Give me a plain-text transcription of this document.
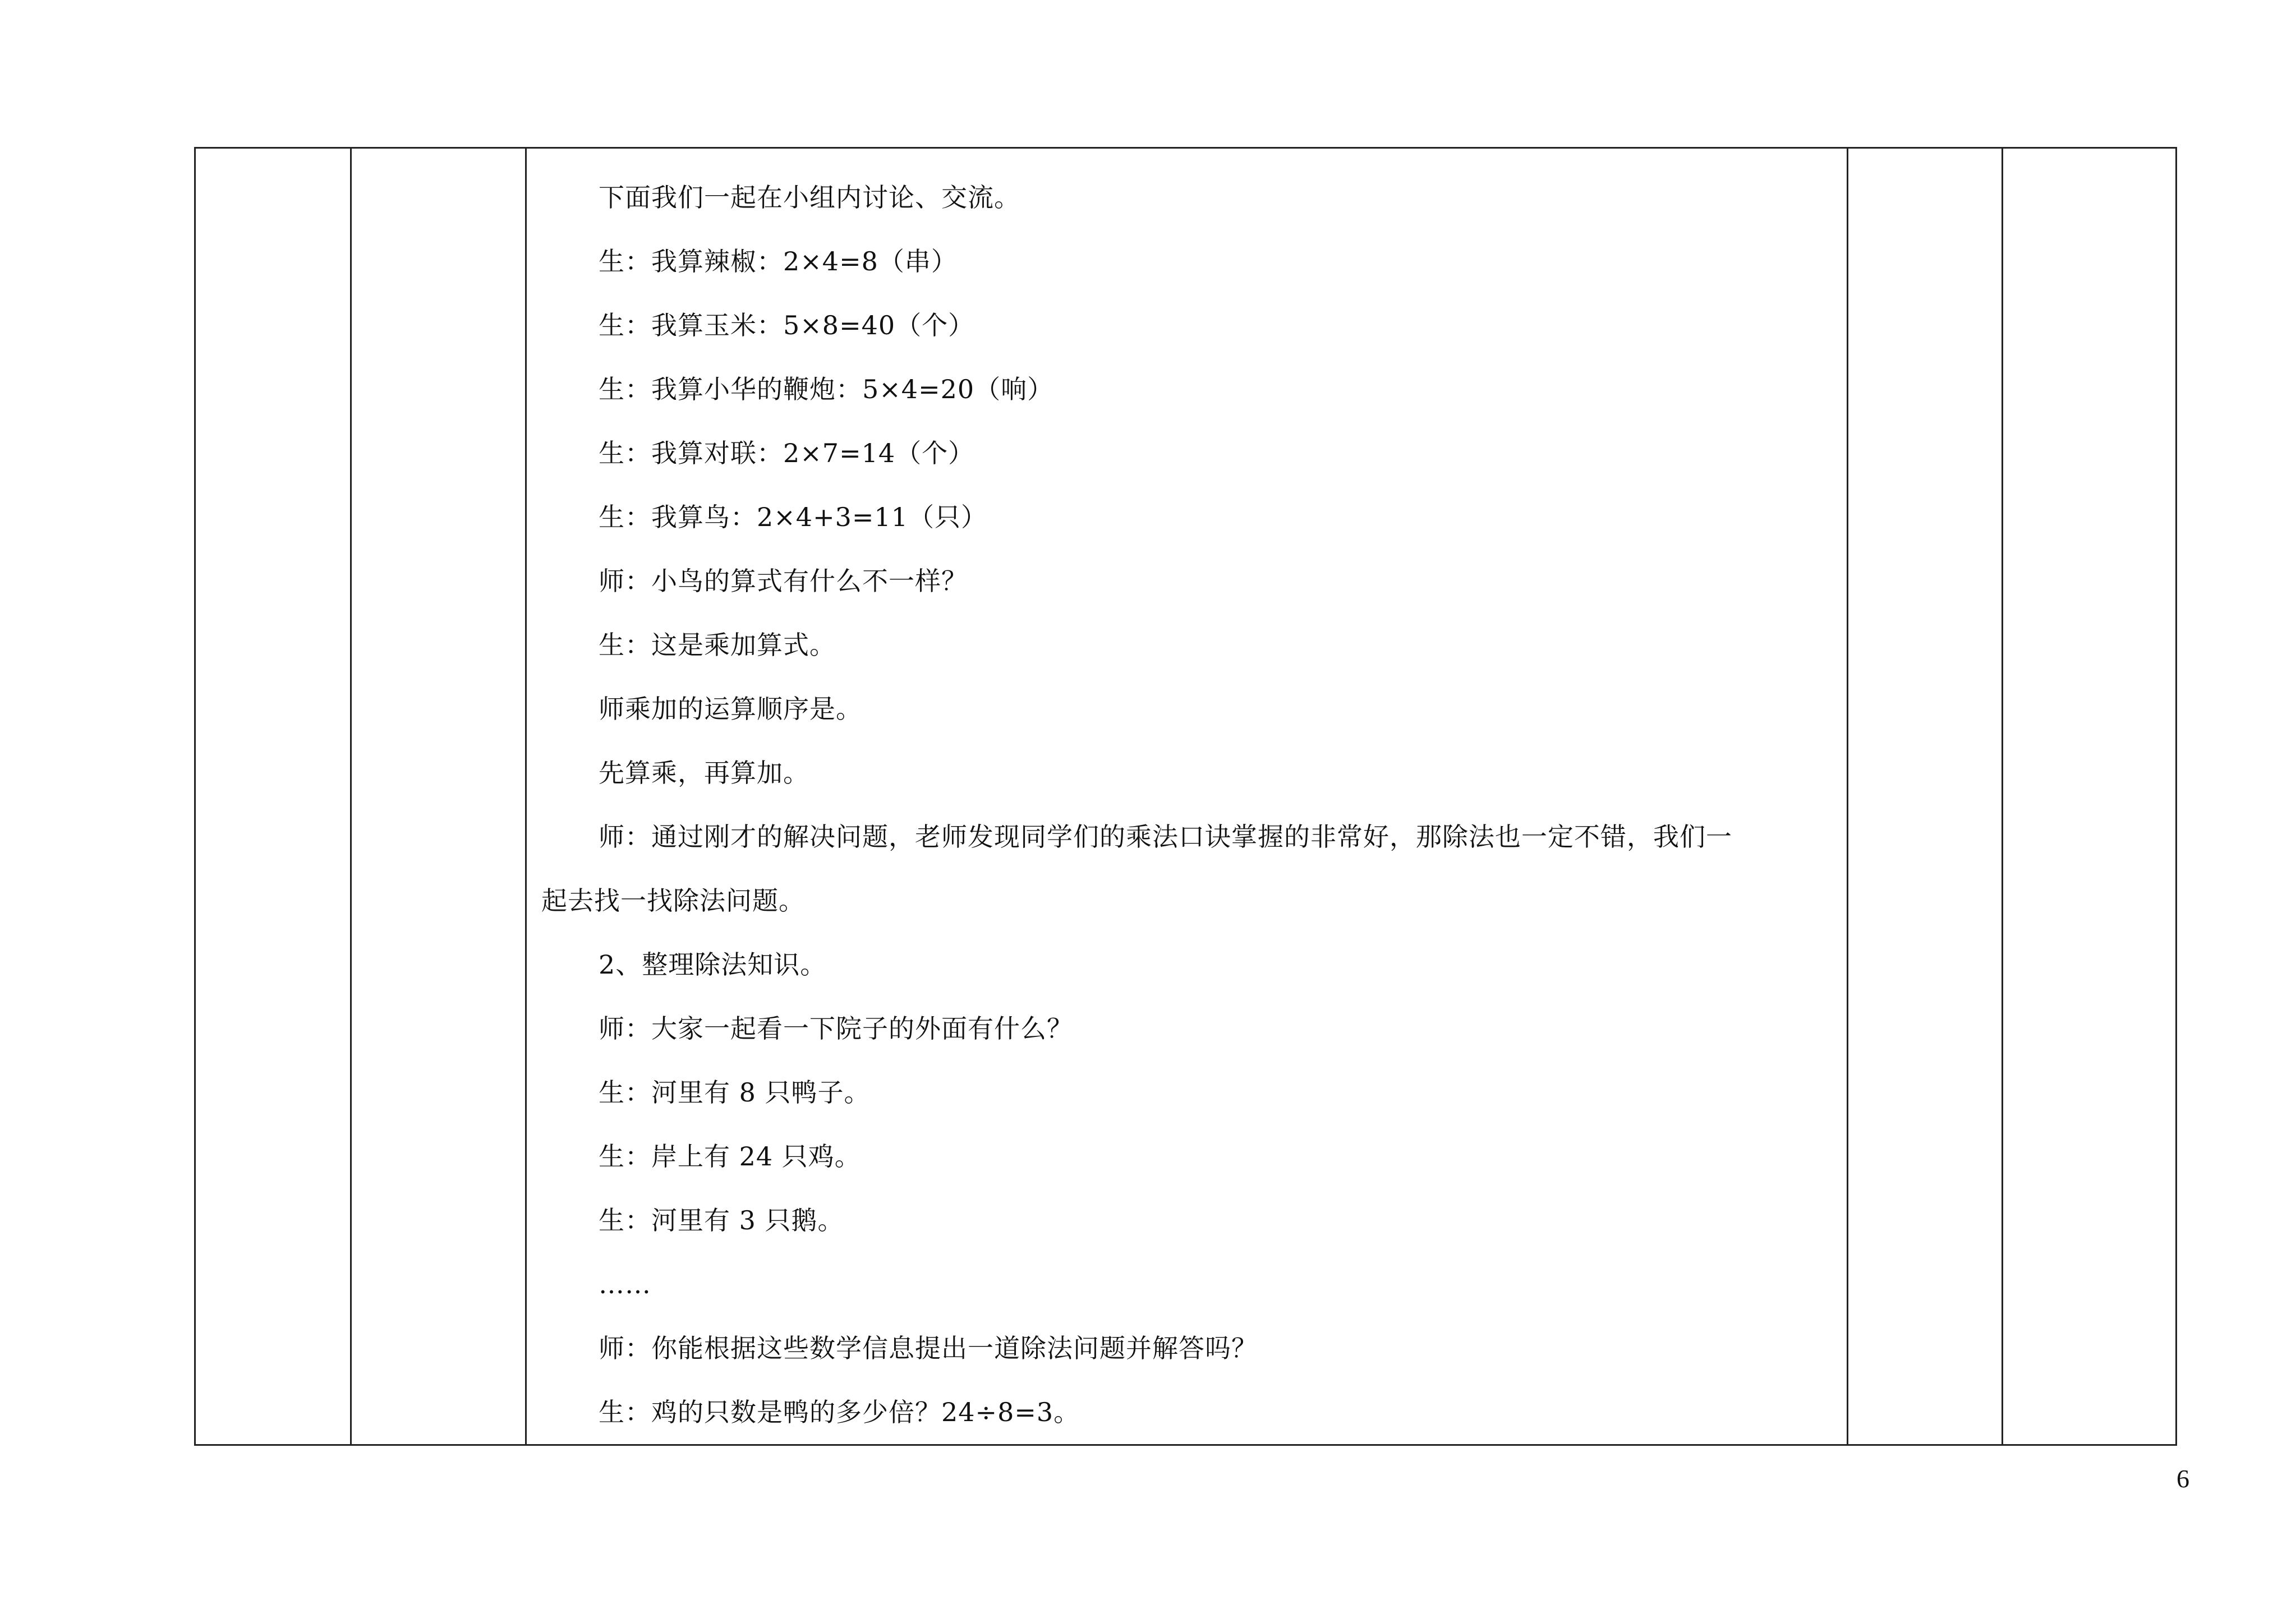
下面我们一起在小组内讨论、交流。
生：我算辣椒：2×4=8（串）
生：我算玉米：5×8=40（个）
生：我算小华的鞭炮：5×4=20（响）
生：我算对联：2×7=14（个）
生：我算鸟：2×4+3=11（只）
师：小鸟的算式有什么不一样？
生：这是乘加算式。
师乘加的运算顺序是。
先算乘，再算加。
师：通过刚才的解决问题，老师发现同学们的乘法口诀掌握的非常好，那除法也一定不错，我们一
起去找一找除法问题。
2、整理除法知识。
师：大家一起看一下院子的外面有什么？
生：河里有 8 只鸭子。
生：岸上有 24 只鸡。
生：河里有 3 只鹅。
……
师：你能根据这些数学信息提出一道除法问题并解答吗？
生：鸡的只数是鸭的多少倍？24÷8=3。

6
